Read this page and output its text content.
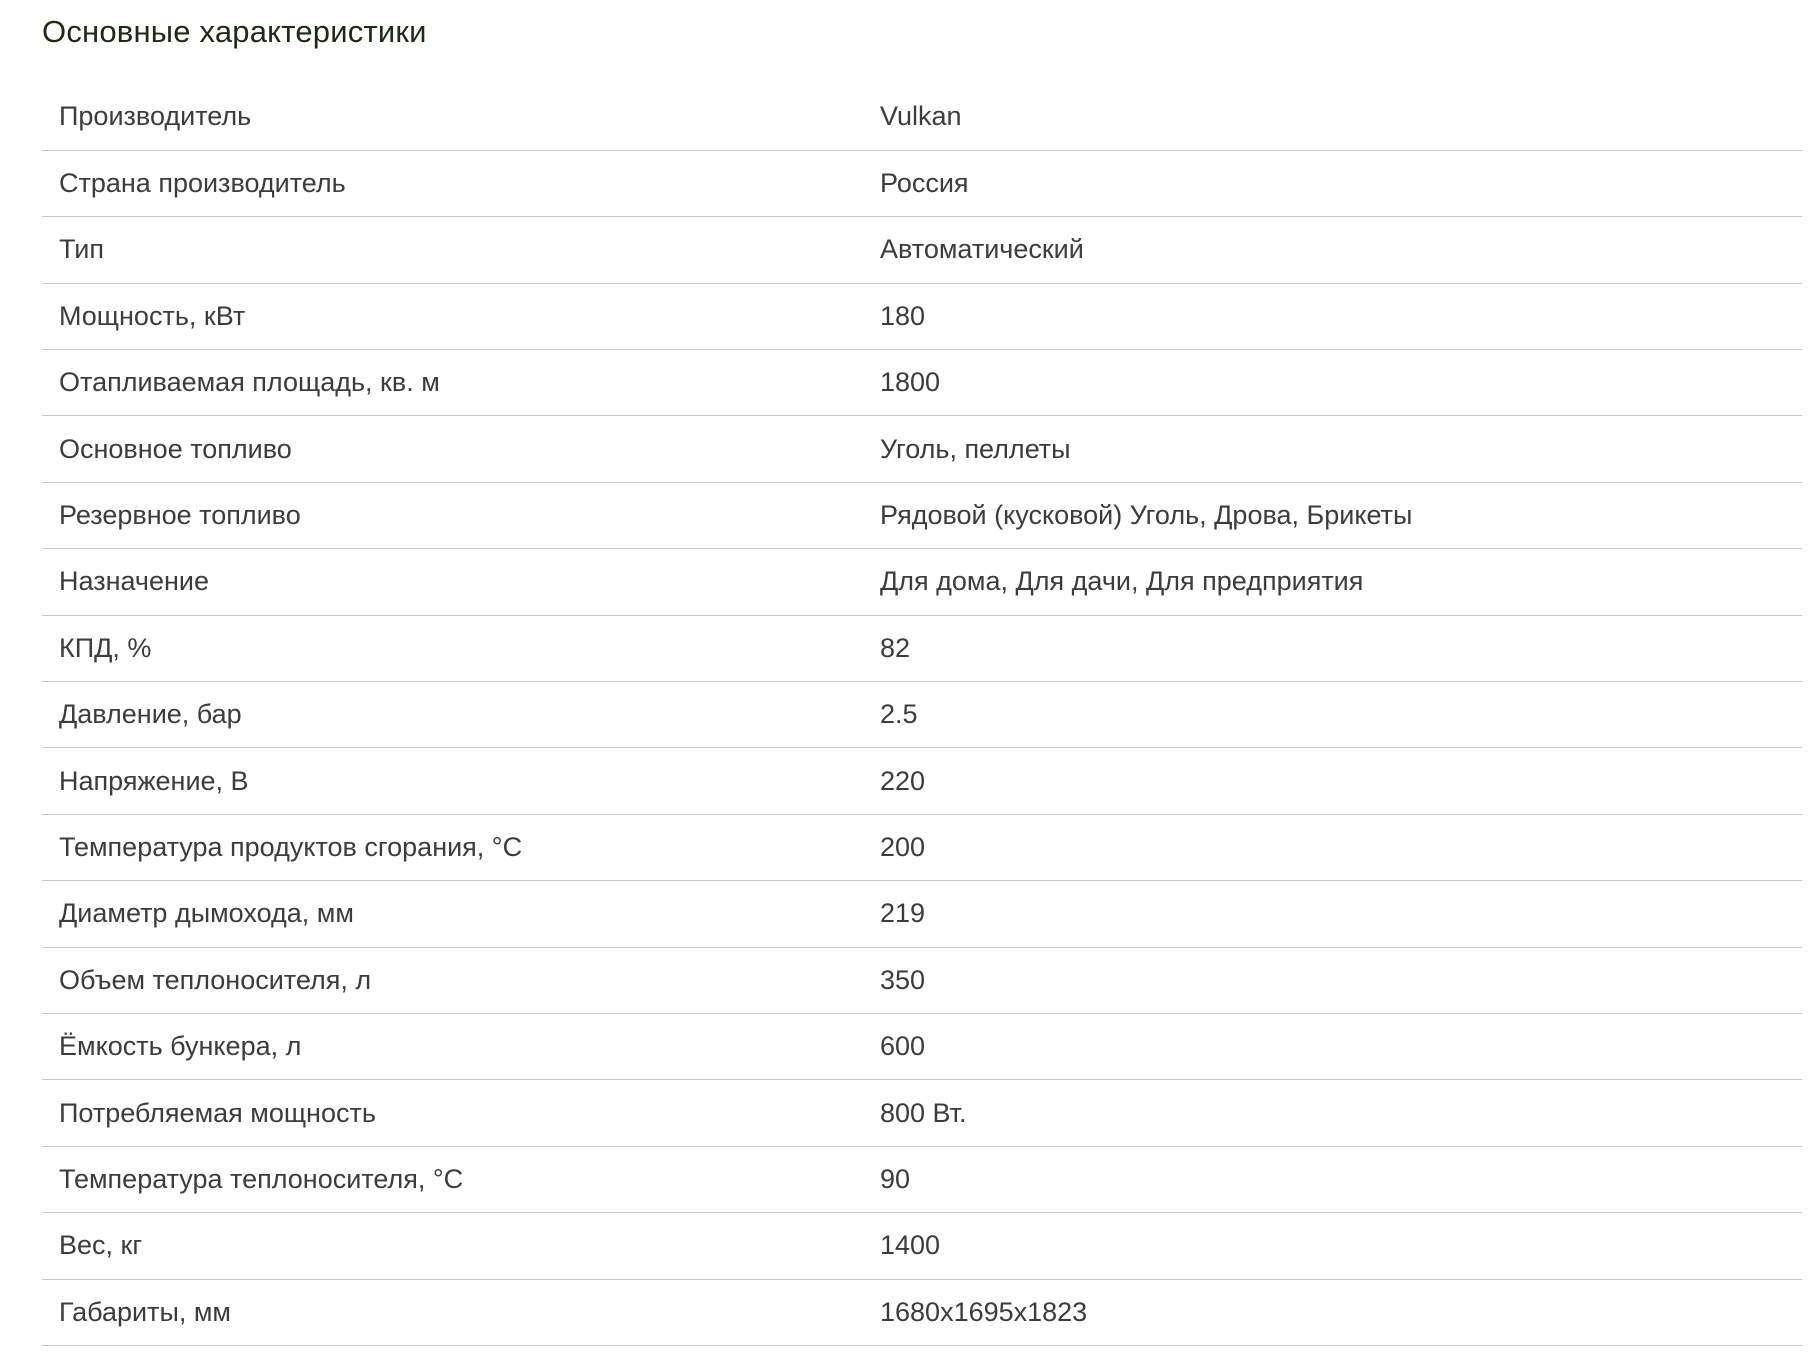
Основные характеристики
Производитель	Vulkan
Страна производитель	Россия
Тип	Автоматический
Мощность, кВт	180
Отапливаемая площадь, кв. м	1800
Основное топливо	Уголь, пеллеты
Резервное топливо	Рядовой (кусковой) Уголь, Дрова, Брикеты
Назначение	Для дома, Для дачи, Для предприятия
КПД, %	82
Давление, бар	2.5
Напряжение, В	220
Температура продуктов сгорания, °С	200
Диаметр дымохода, мм	219
Объем теплоносителя, л	350
Ёмкость бункера, л	600
Потребляемая мощность	800 Вт.
Температура теплоносителя, °С	90
Вес, кг	1400
Габариты, мм	1680х1695х1823
